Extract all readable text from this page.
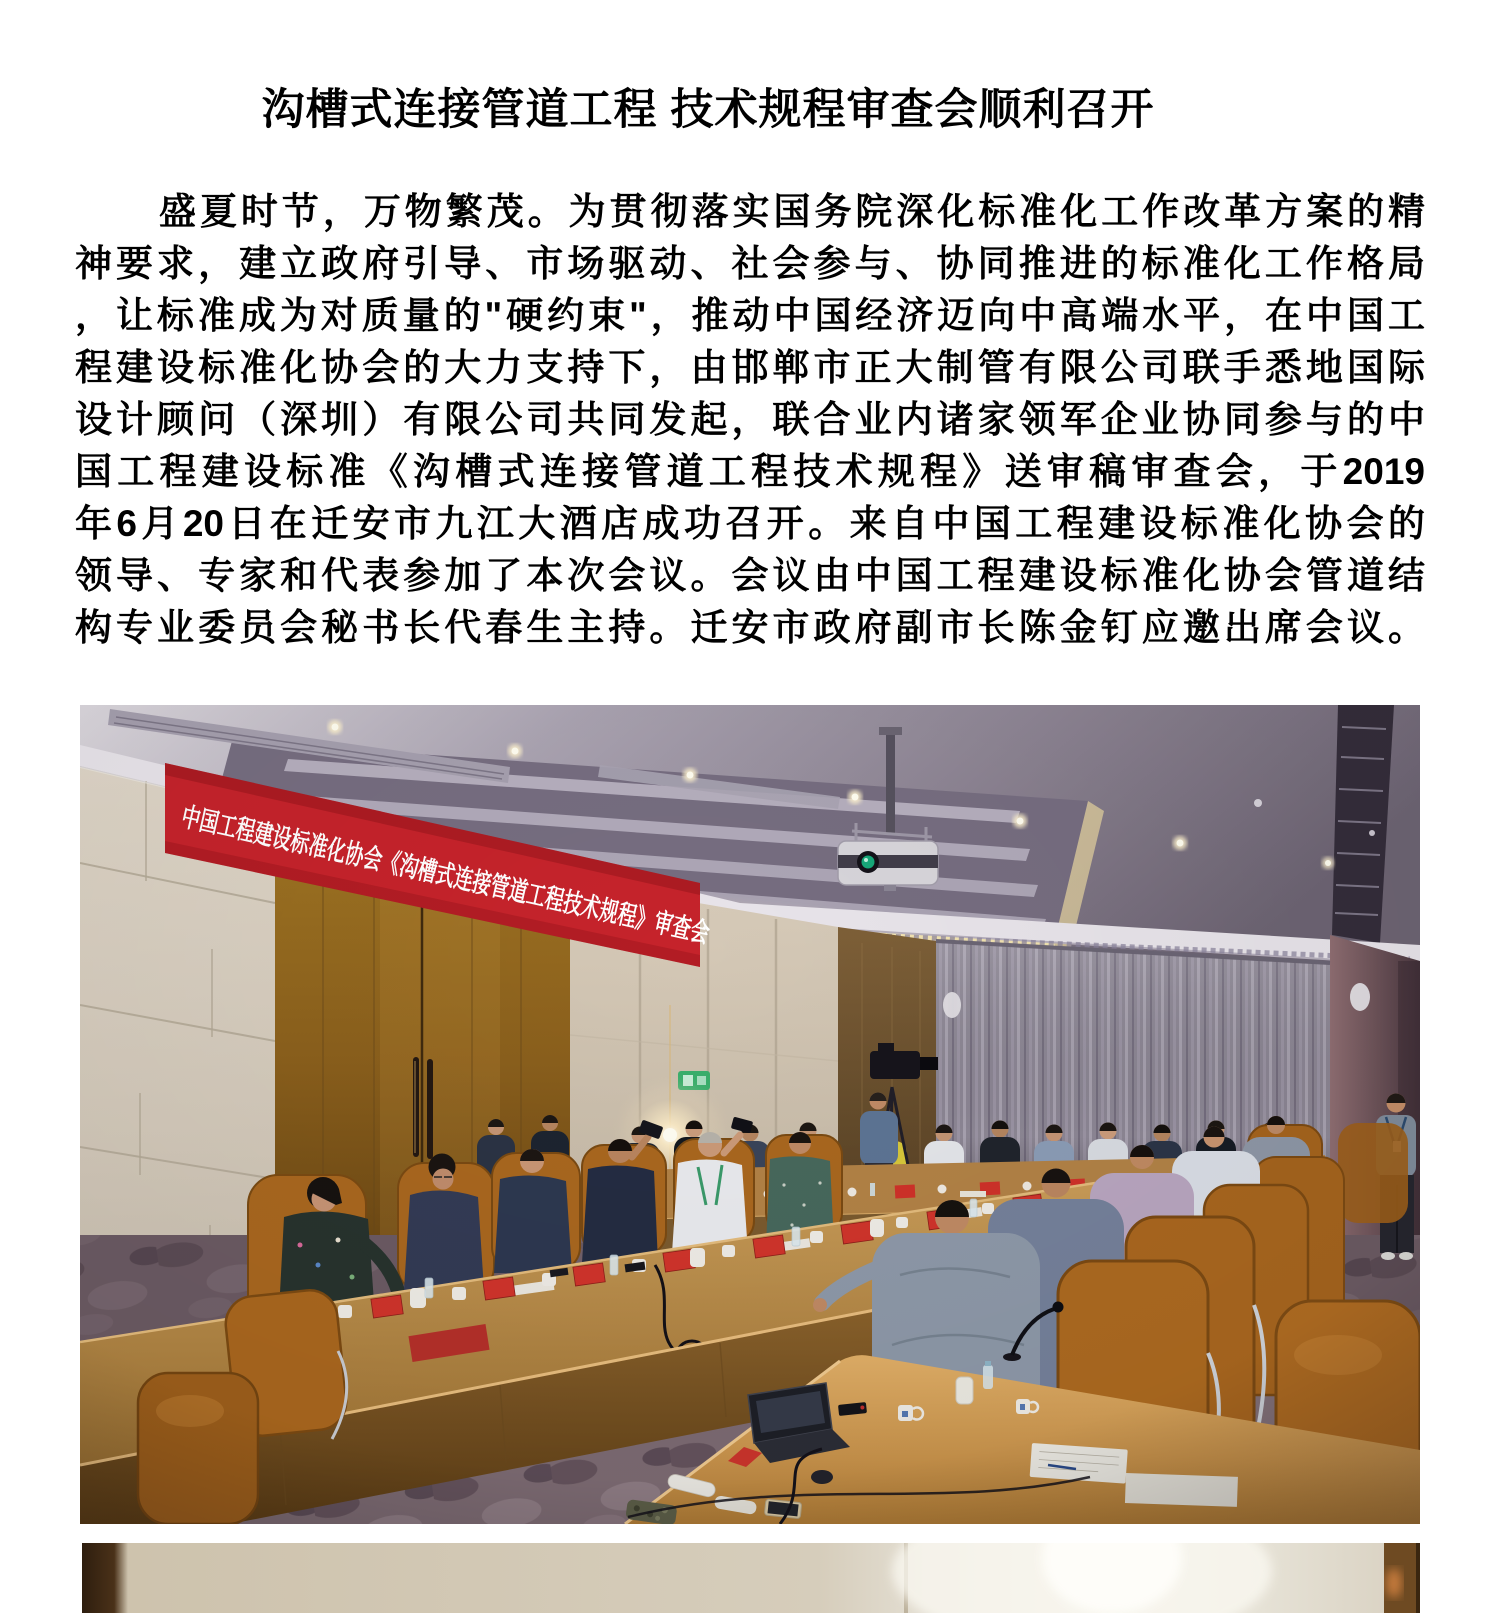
沟槽式连接管道工程 技术规程审查会顺利召开
盛夏时节，万物繁茂。为贯彻落实国务院深化标准化工作改革方案的精
神要求，建立政府引导、市场驱动、社会参与、协同推进的标准化工作格局
，让标准成为对质量的"硬约束"，推动中国经济迈向中高端水平，在中国工
程建设标准化协会的大力支持下，由邯郸市正大制管有限公司联手悉地国际
设计顾问（深圳）有限公司共同发起，联合业内诸家领军企业协同参与的中
国工程建设标准《沟槽式连接管道工程技术规程》送审稿审查会，于2019
年6月20日在迁安市九江大酒店成功召开。来自中国工程建设标准化协会的
领导、专家和代表参加了本次会议。会议由中国工程建设标准化协会管道结
构专业委员会秘书长代春生主持。迁安市政府副市长陈金钉应邀出席会议。
